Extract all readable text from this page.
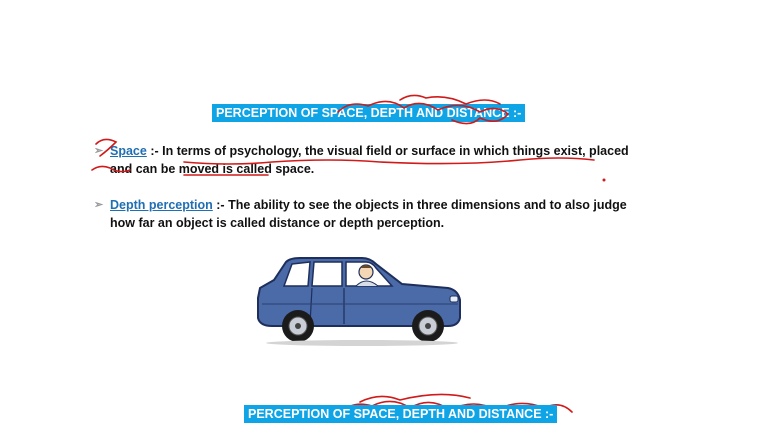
PERCEPTION OF SPACE, DEPTH AND DISTANCE :-
➢ Space :- In terms of psychology, the visual field or surface in which things exist, placed and can be moved is called space.
➢ Depth perception :- The ability to see the objects in three dimensions and to also judge how far an object is called distance or depth perception.
PERCEPTION OF SPACE, DEPTH AND DISTANCE :-
